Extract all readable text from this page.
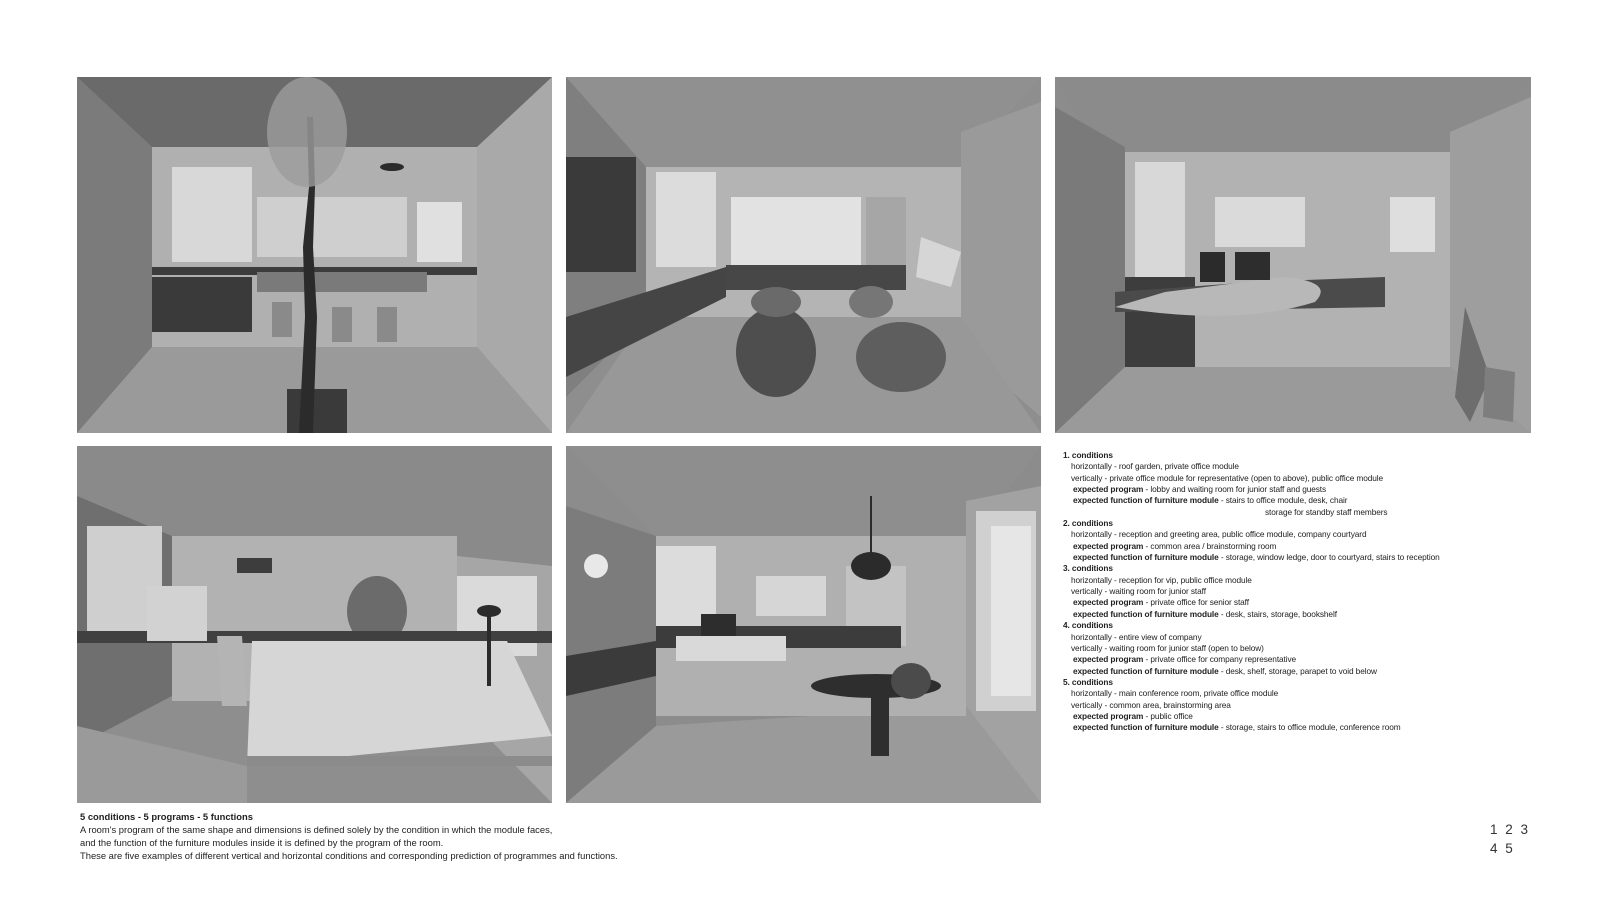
1. conditions
horizontally - roof garden, private office module
vertically - private office module for representative (open to above), public office module
expected program - lobby and waiting room for junior staff and guests
expected function of furniture module - stairs to office module, desk, chair
storage for standby staff members
2. conditions
horizontally - reception and greeting area, public office module, company courtyard
expected program - common area / brainstorming room
expected function of furniture module - storage, window ledge, door to courtyard, stairs to reception
3. conditions
horizontally - reception for vip, public office module
vertically - waiting room for junior staff
expected program - private office for senior staff
expected function of furniture module - desk, stairs, storage, bookshelf
4. conditions
horizontally - entire view of company
vertically - waiting room for junior staff (open to below)
expected program - private office for company representative
expected function of furniture module - desk, shelf, storage, parapet to void below
5. conditions
horizontally - main conference room, private office module
vertically - common area, brainstorming area
expected program - public office
expected function of furniture module - storage, stairs to office module, conference room
5 conditions - 5 programs - 5 functions
A room's program of the same shape and dimensions is defined solely by the condition in which the module faces,
and the function of the furniture modules inside it is defined by the program of the room.
These are five examples of different vertical and horizontal conditions and corresponding prediction of programmes and functions.
1 2 3
4 5
